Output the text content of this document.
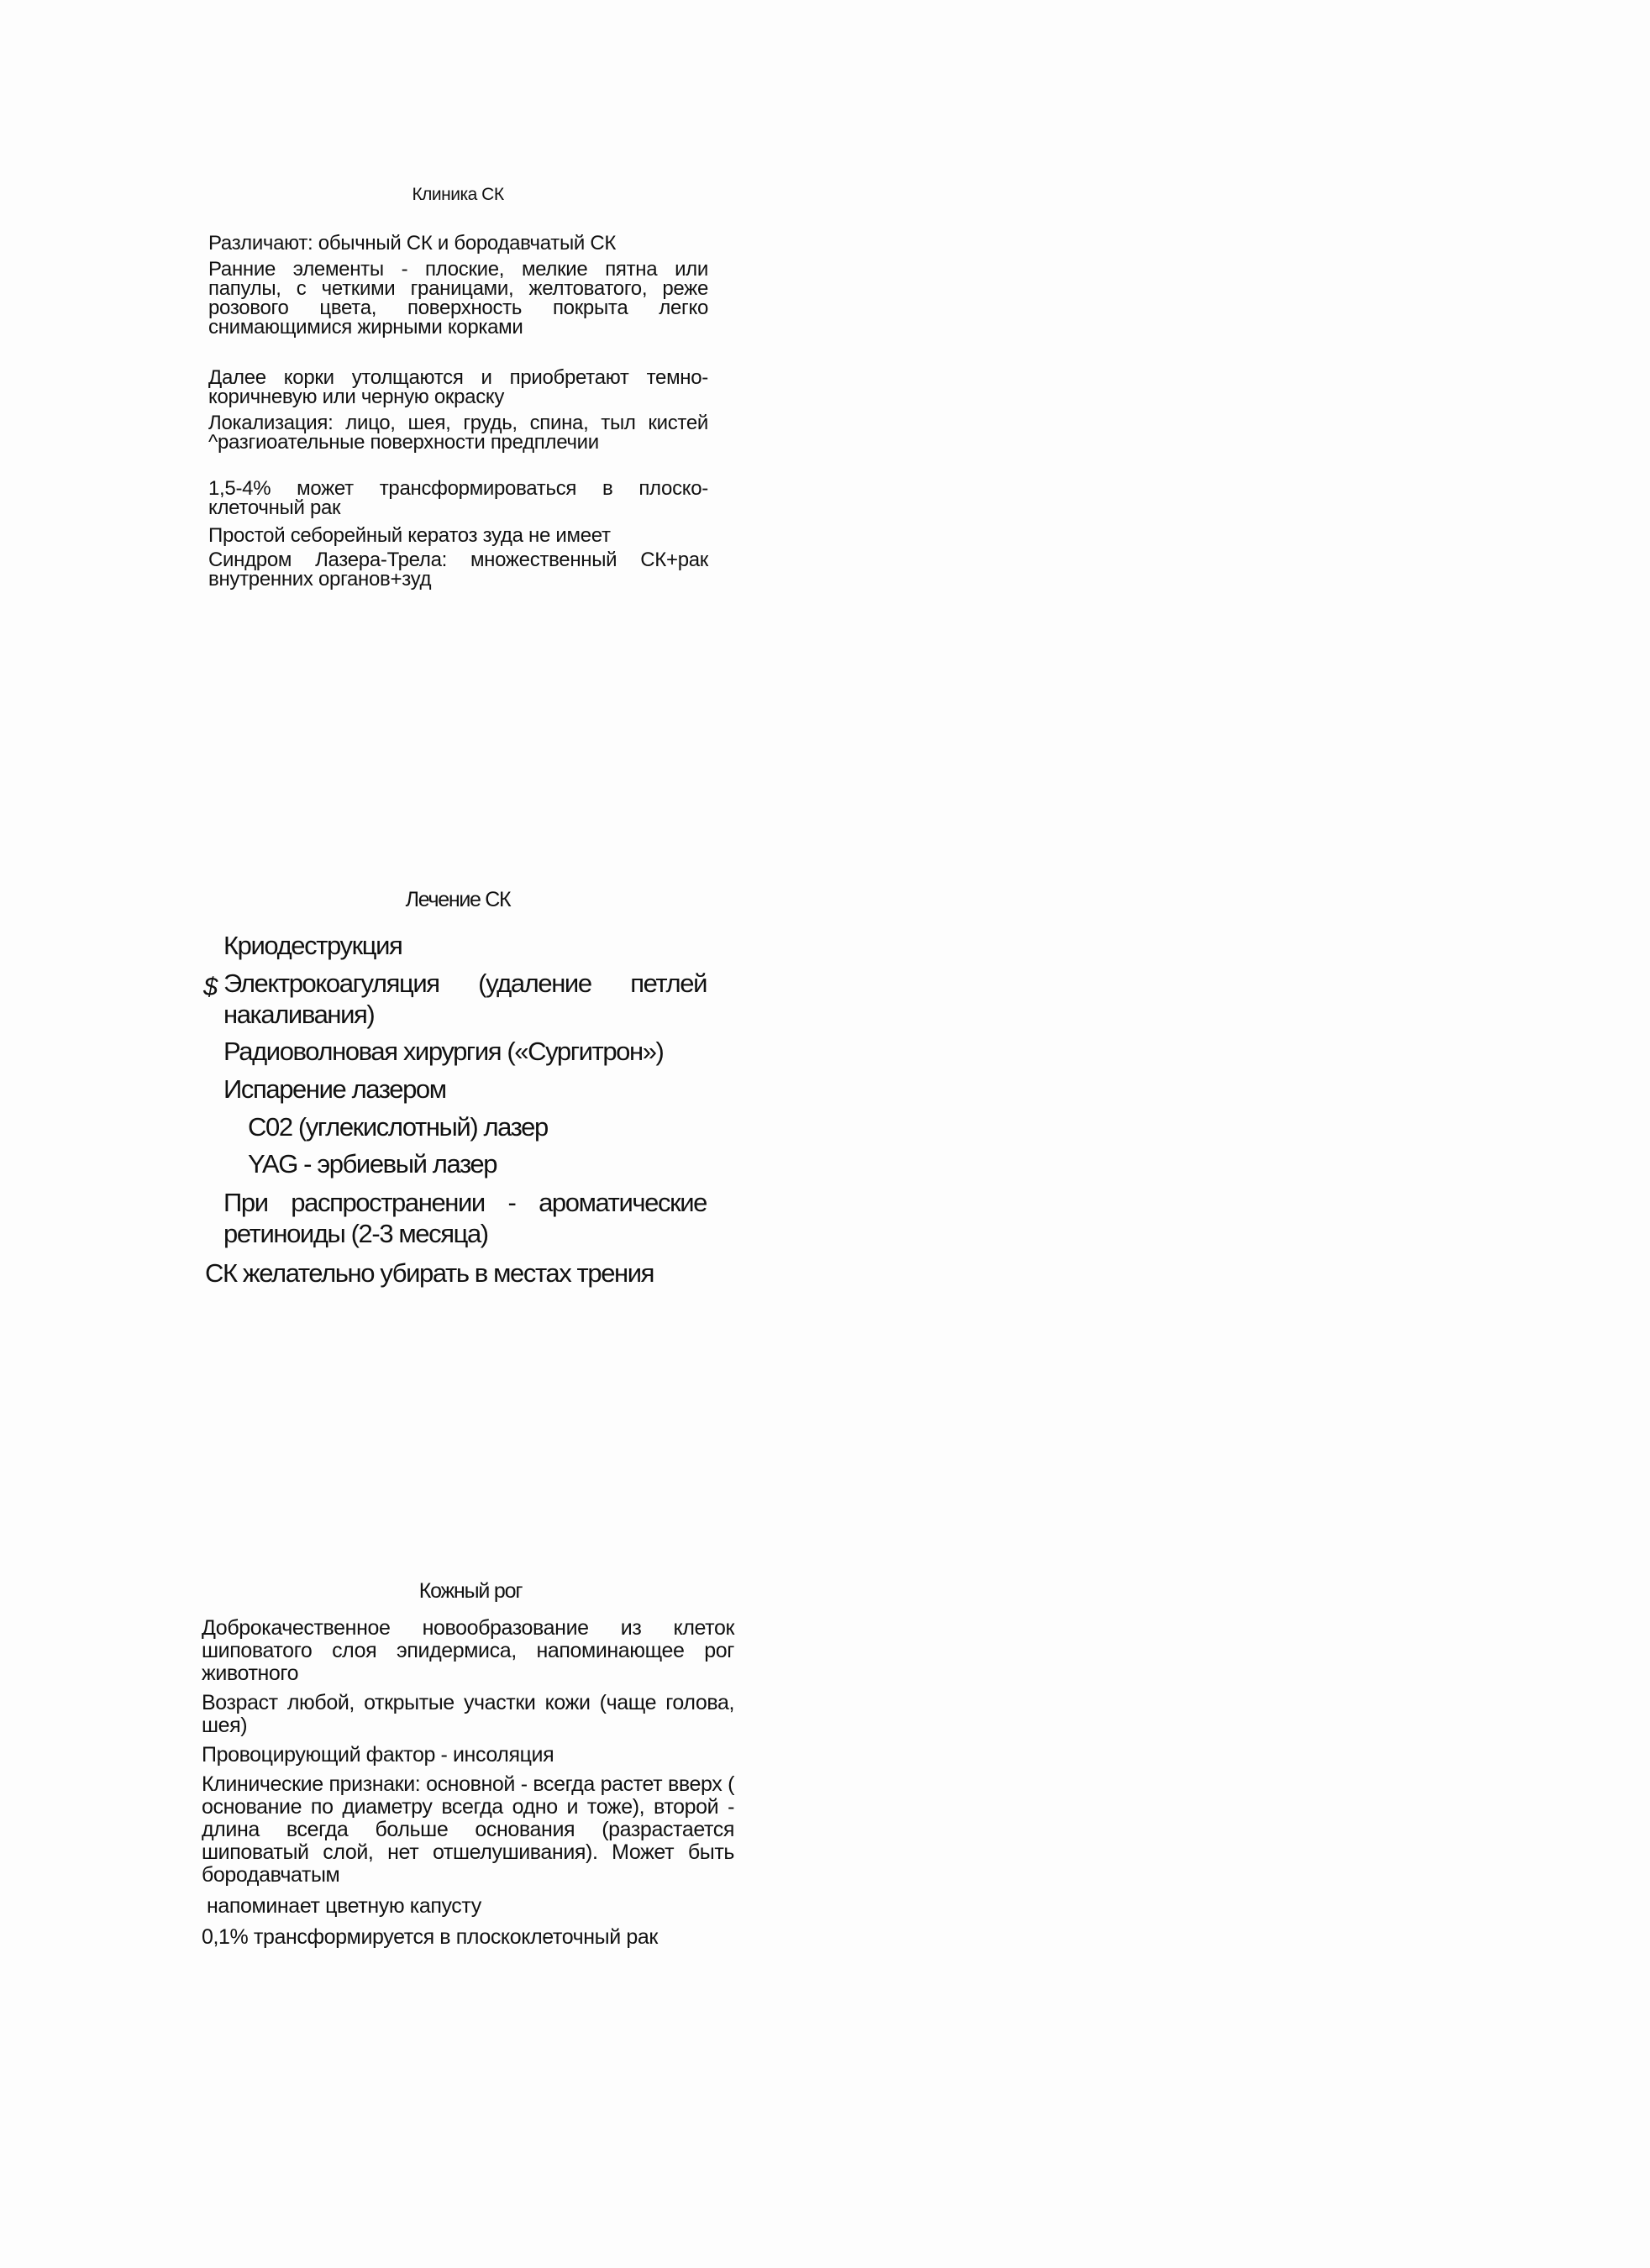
Клиника СК
Различают: обычный СК и бородавчатый СК
Ранние элементы - плоские, мелкие пятна или папулы, с четкими границами, желтоватого, реже розового цвета, поверхность покрыта легко снимающимися жирными корками
Далее корки утолщаются и приобретают темно- коричневую или черную окраску
Локализация: лицо, шея, грудь, спина, тыл кистей ^разгиоательные поверхности предплечии
1,5-4% может трансформироваться в плоско-клеточный рак
Простой себорейный кератоз зуда не имеет
Синдром Лазера-Трела: множественный СК+рак внутренних органов+зуд
Лечение СК
$
Криодеструкция
Электрокоагуляция (удаление петлей накаливания)
Радиоволновая хирургия («Сургитрон»)
Испарение лазером
С02 (углекислотный) лазер
YAG - эрбиевый лазер
При распространении - ароматические ретиноиды (2-3 месяца)
СК желательно убирать в местах трения
Кожный рог
Доброкачественное новообразование из клеток шиповатого слоя эпидермиса, напоминающее рог животного
Возраст любой, открытые участки кожи (чаще голова, шея)
Провоцирующий фактор - инсоляция
Клинические признаки: основной - всегда растет вверх ( основание по диаметру всегда одно и тоже), второй - длина всегда больше основания (разрастается шиповатый слой, нет отшелушивания). Может быть бородавчатым
напоминает цветную капусту
0,1% трансформируется в плоскоклеточный рак
